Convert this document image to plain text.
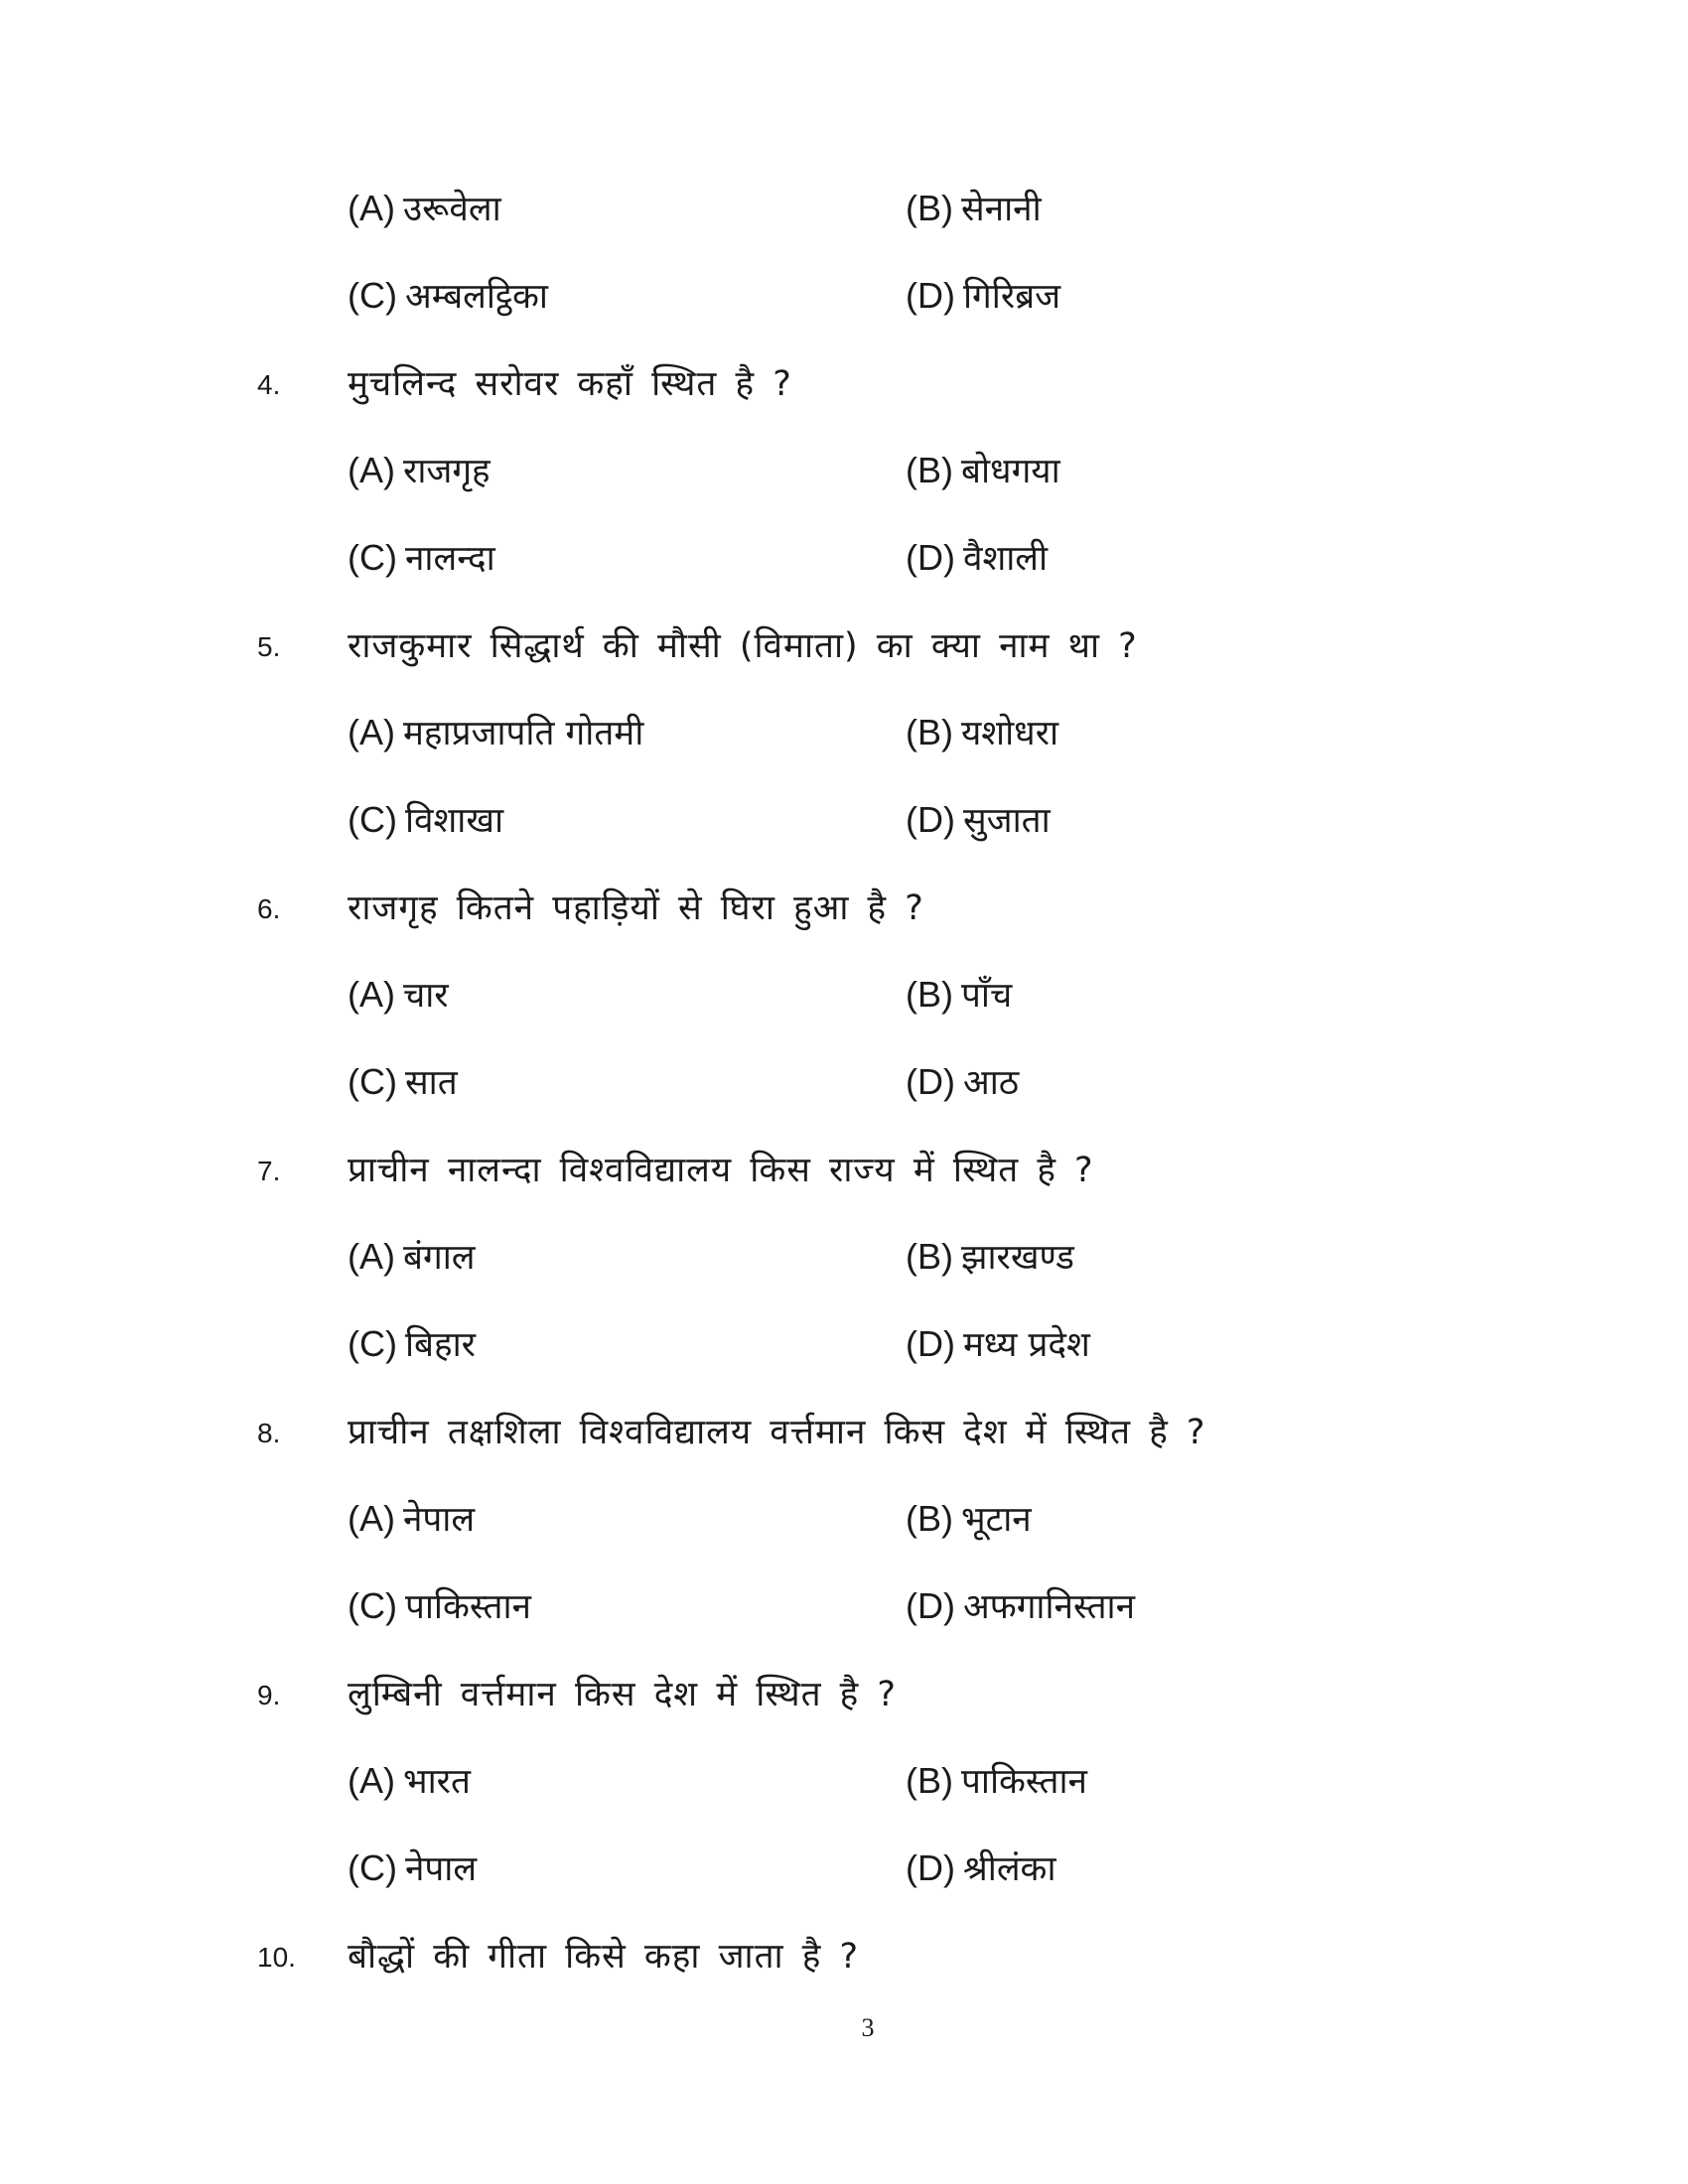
(A) उरूवेला	(B) सेनानी
(C) अम्बलट्ठिका	(D) गिरिब्रज
4. मुचलिन्द सरोवर कहाँ स्थित है ?
(A) राजगृह	(B) बोधगया
(C) नालन्दा	(D) वैशाली
5. राजकुमार सिद्धार्थ की मौसी (विमाता) का क्या नाम था ?
(A) महाप्रजापति गोतमी	(B) यशोधरा
(C) विशाखा	(D) सुजाता
6. राजगृह कितने पहाड़ियों से घिरा हुआ है ?
(A) चार	(B) पाँच
(C) सात	(D) आठ
7. प्राचीन नालन्दा विश्वविद्यालय किस राज्य में स्थित है ?
(A) बंगाल	(B) झारखण्ड
(C) बिहार	(D) मध्य प्रदेश
8. प्राचीन तक्षशिला विश्वविद्यालय वर्त्तमान किस देश में स्थित है ?
(A) नेपाल	(B) भूटान
(C) पाकिस्तान	(D) अफगानिस्तान
9. लुम्बिनी वर्त्तमान किस देश में स्थित है ?
(A) भारत	(B) पाकिस्तान
(C) नेपाल	(D) श्रीलंका
10. बौद्धों की गीता किसे कहा जाता है ?
3
